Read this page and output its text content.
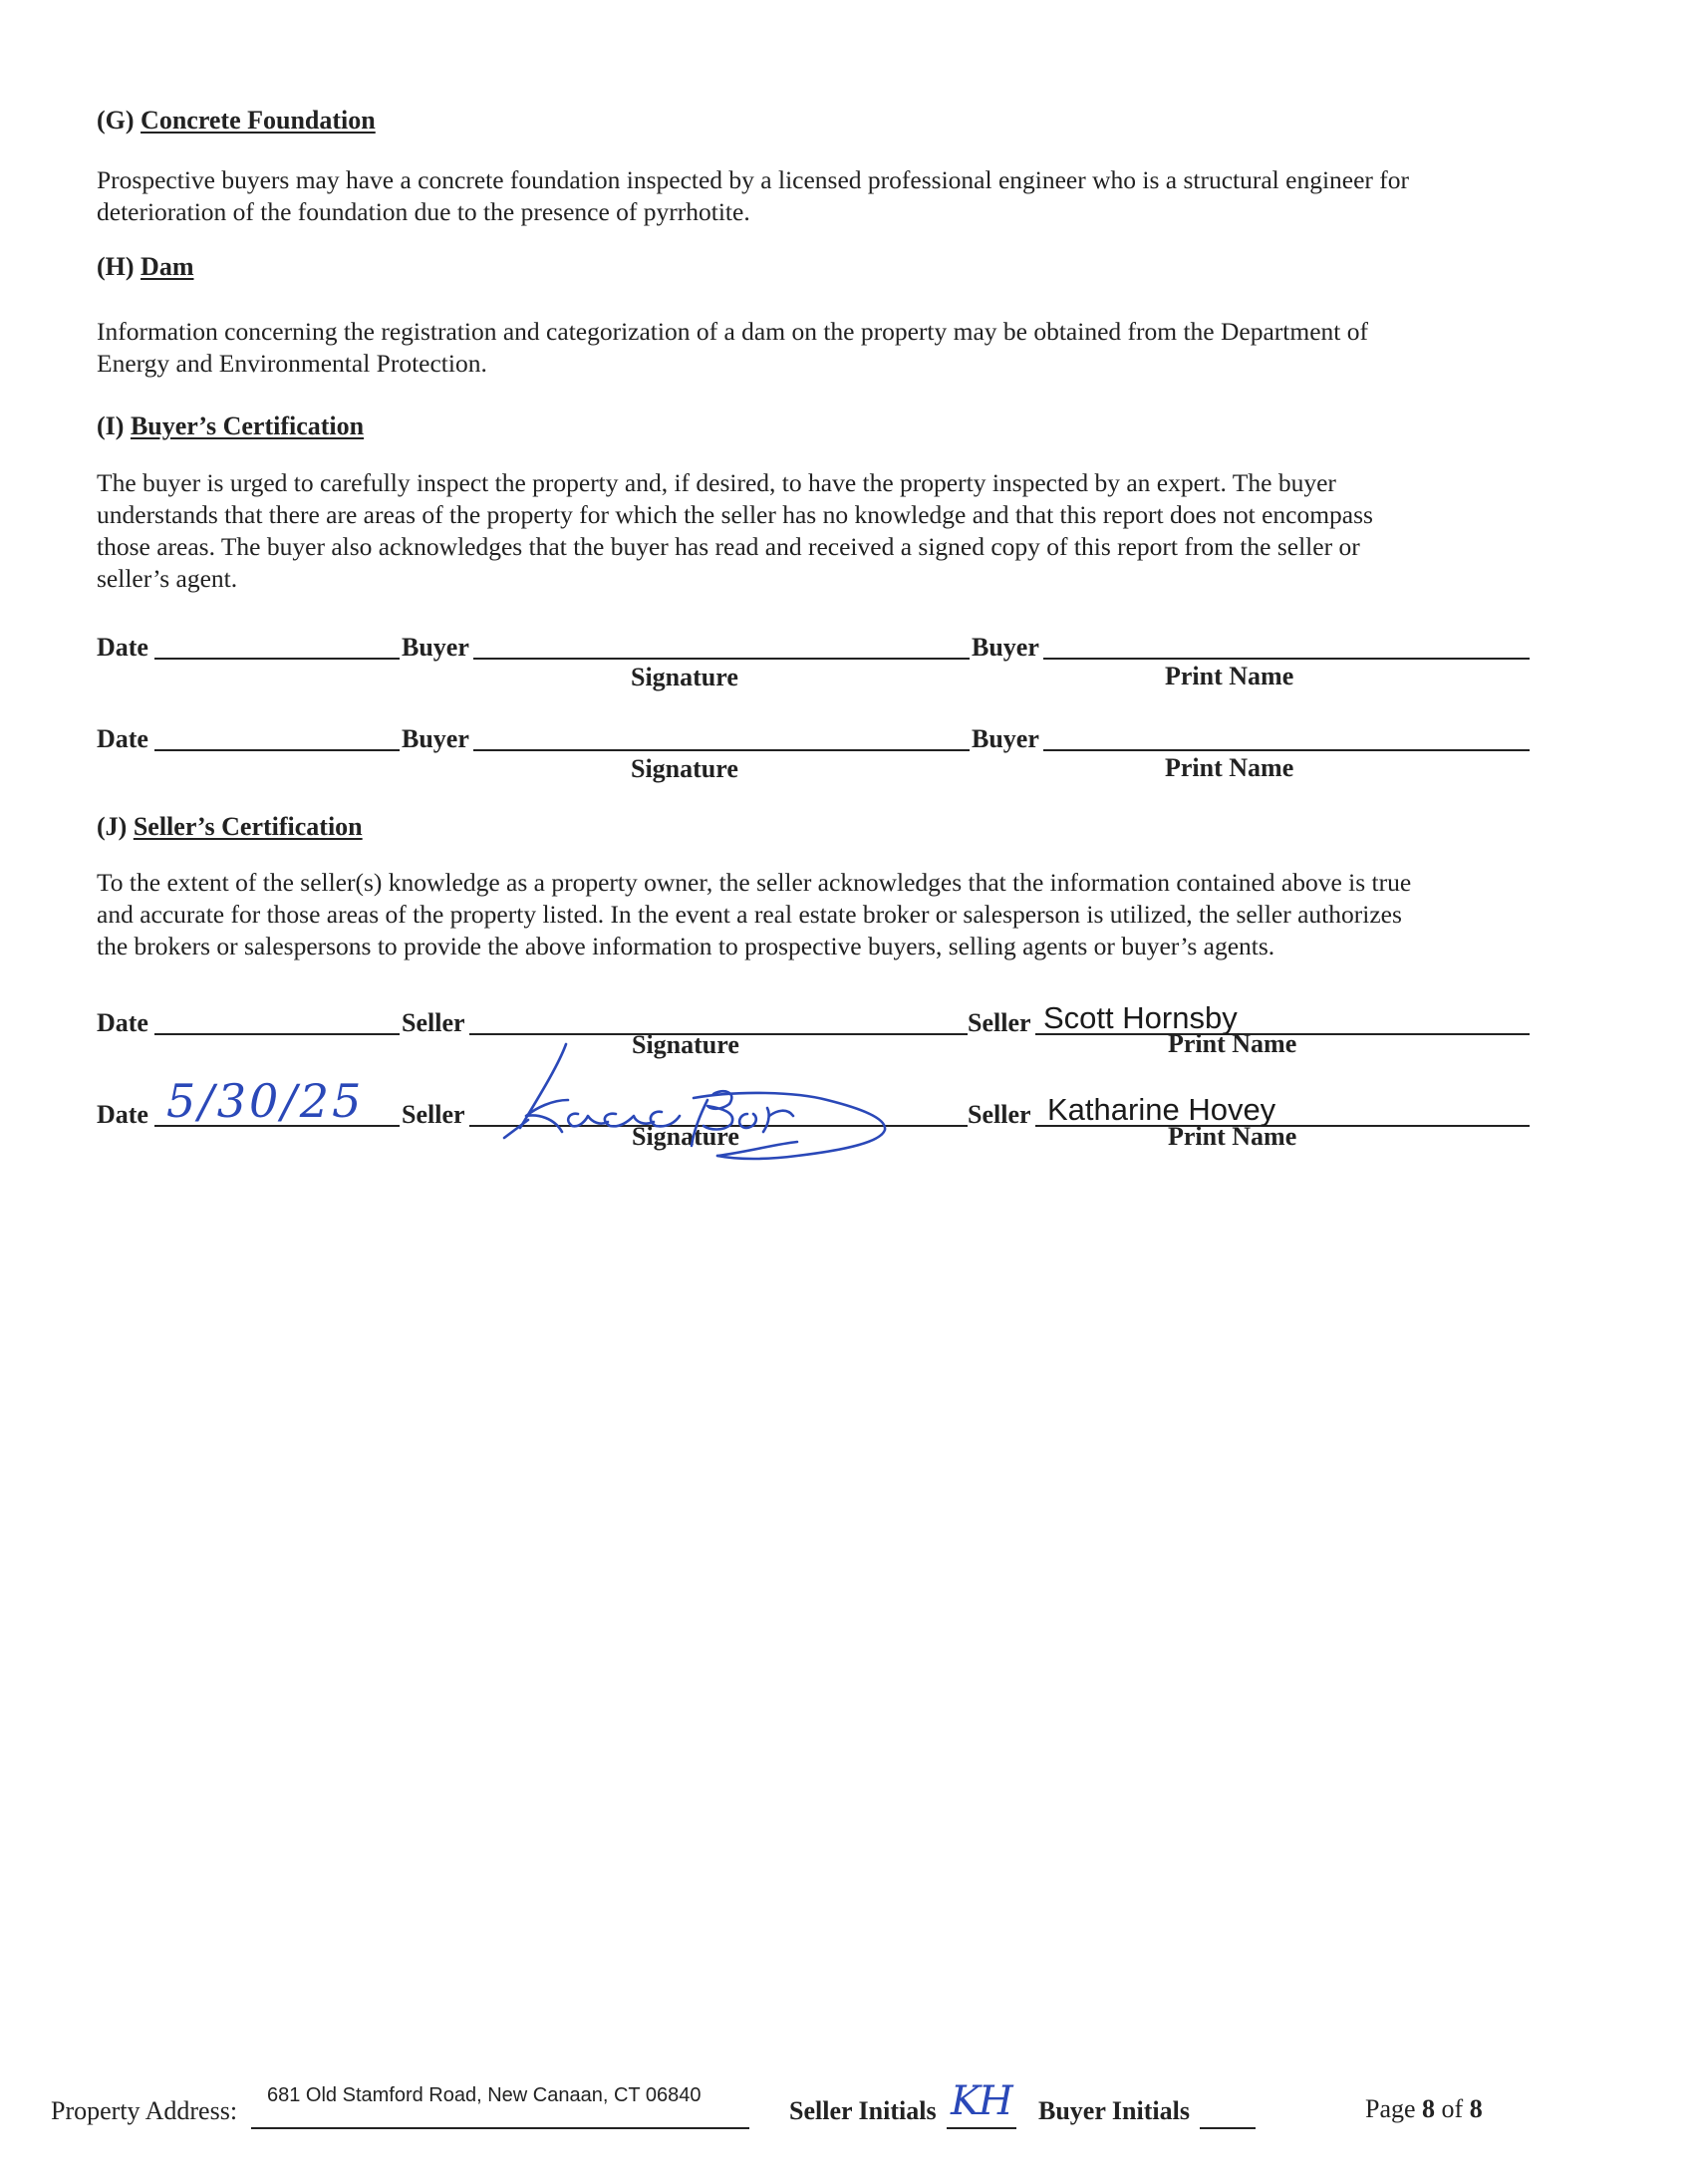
(G) Concrete Foundation
Prospective buyers may have a concrete foundation inspected by a licensed professional engineer who is a structural engineer for
deterioration of the foundation due to the presence of pyrrhotite.
(H) Dam
Information concerning the registration and categorization of a dam on the property may be obtained from the Department of
Energy and Environmental Protection.
(I) Buyer’s Certification
The buyer is urged to carefully inspect the property and, if desired, to have the property inspected by an expert. The buyer
understands that there are areas of the property for which the seller has no knowledge and that this report does not encompass
those areas. The buyer also acknowledges that the buyer has read and received a signed copy of this report from the seller or
seller’s agent.
Date	Buyer	Buyer
Signature	Print Name
Date	Buyer	Buyer
Signature	Print Name
(J) Seller’s Certification
To the extent of the seller(s) knowledge as a property owner, the seller acknowledges that the information contained above is true
and accurate for those areas of the property listed. In the event a real estate broker or salesperson is utilized, the seller authorizes
the brokers or salespersons to provide the above information to prospective buyers, selling agents or buyer’s agents.
Date	Seller	Seller Scott Hornsby
Signature	Print Name
Date 5/30/25 Seller	Seller Katharine Hovey
Signature	Print Name
Property Address:
681 Old Stamford Road, New Canaan, CT 06840
Seller Initials KH Buyer Initials	Page 8 of 8
